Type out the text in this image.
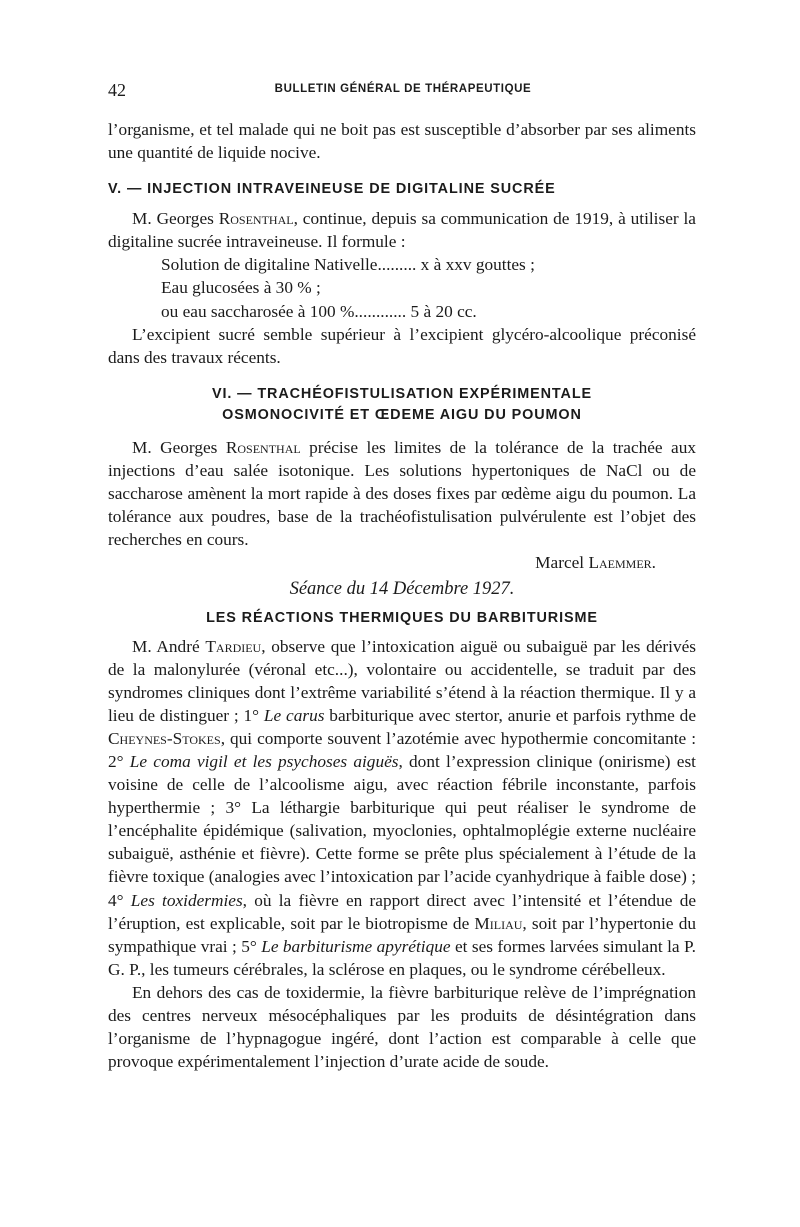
42	BULLETIN GÉNÉRAL DE THÉRAPEUTIQUE

l’organisme, et tel malade qui ne boit pas est susceptible d’absorber par ses aliments une quantité de liquide nocive.

V. — INJECTION INTRAVEINEUSE DE DIGITALINE SUCRÉE

M. Georges Rosenthal, continue, depuis sa communication de 1919, à utiliser la digitaline sucrée intraveineuse. Il formule :

Solution de digitaline Nativelle......... x à xxv gouttes ;
Eau glucosées à 30 % ;
ou eau saccharosée à 100 %............ 5 à 20 cc.

L’excipient sucré semble supérieur à l’excipient glycéro-alcoolique préconisé dans des travaux récents.

VI. — TRACHÉOFISTULISATION EXPÉRIMENTALE
OSMONOCIVITÉ ET ŒDEME AIGU DU POUMON

M. Georges Rosenthal précise les limites de la tolérance de la trachée aux injections d’eau salée isotonique. Les solutions hypertoniques de NaCl ou de saccharose amènent la mort rapide à des doses fixes par œdème aigu du poumon. La tolérance aux poudres, base de la trachéofistulisation pulvérulente est l’objet des recherches en cours.

Marcel Laemmer.

Séance du 14 Décembre 1927.

LES RÉACTIONS THERMIQUES DU BARBITURISME

M. André Tardieu, observe que l’intoxication aiguë ou subaiguë par les dérivés de la malonylurée (véronal etc...), volontaire ou accidentelle, se traduit par des syndromes cliniques dont l’extrême variabilité s’étend à la réaction thermique. Il y a lieu de distinguer ; 1° Le carus barbiturique avec stertor, anurie et parfois rythme de Cheynes-Stokes, qui comporte souvent l’azotémie avec hypothermie concomitante : 2° Le coma vigil et les psychoses aiguës, dont l’expression clinique (onirisme) est voisine de celle de l’alcoolisme aigu, avec réaction fébrile inconstante, parfois hyperthermie ; 3° La léthargie barbiturique qui peut réaliser le syndrome de l’encéphalite épidémique (salivation, myoclonies, ophtalmoplégie externe nucléaire subaiguë, asthénie et fièvre). Cette forme se prête plus spécialement à l’étude de la fièvre toxique (analogies avec l’intoxication par l’acide cyanhydrique à faible dose) ; 4° Les toxidermies, où la fièvre en rapport direct avec l’intensité et l’étendue de l’éruption, est explicable, soit par le biotropisme de Miliau, soit par l’hypertonie du sympathique vrai ; 5° Le barbiturisme apyrétique et ses formes larvées simulant la P. G. P., les tumeurs cérébrales, la sclérose en plaques, ou le syndrome cérébelleux.

En dehors des cas de toxidermie, la fièvre barbiturique relève de l’imprégnation des centres nerveux mésocéphaliques par les produits de désintégration dans l’organisme de l’hypnagogue ingéré, dont l’action est comparable à celle que provoque expérimentalement l’injection d’urate acide de soude.
